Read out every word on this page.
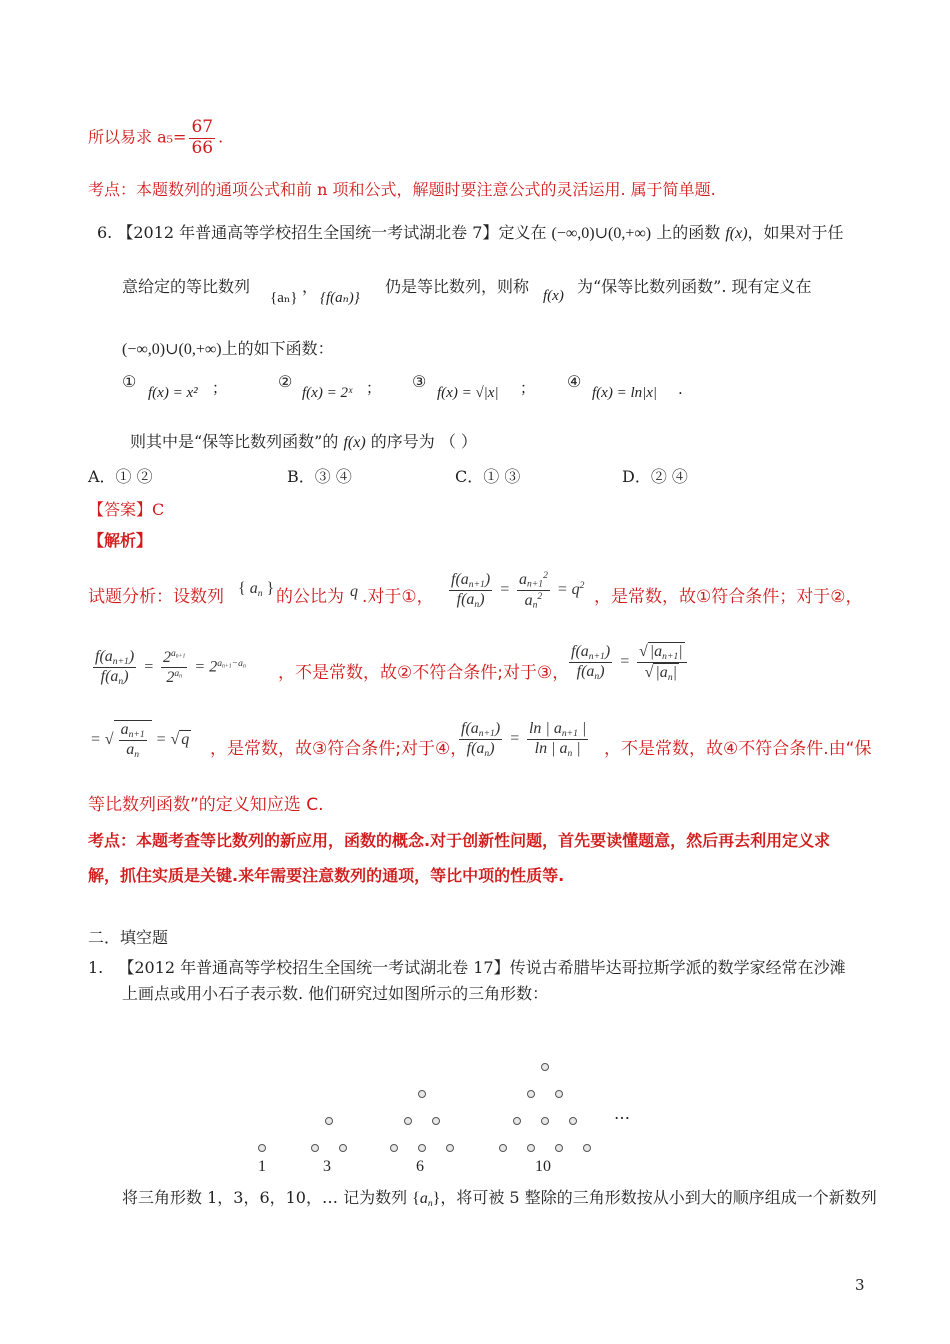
所以易求 $a_5= \frac{67}{66}$ .
考点：本题数列的通项公式和前 n 项和公式，解题时要注意公式的灵活运用. 属于简单题.
6. 【2012 年普通高等学校招生全国统一考试湖北卷 7】定义在 (−∞,0)∪(0,+∞) 上的函数 f(x)，如果对于任
意给定的等比数列
{aₙ}
，
{f(aₙ)}
仍是等比数列，则称 f(x) 为“保等比数列函数”. 现有定义在
(−∞,0)∪(0,+∞)上的如下函数：
①
f(x) = x² ；	②
f(x) = 2ˣ ； ③
f(x) = √|x| ； ④
f(x) = ln|x| .
则其中是“保等比数列函数”的 f(x) 的序号为 （ ）
A．① ②	B．③ ④	C．① ③	D．② ④
【答案】C
【解析】
试题分析：设数列 { $a_n$ } 的公比为 q .对于①， $\frac{f(a_{n+1})}{f(a_n)} = \frac{a_{n+1}^2}{a_n^2} = q^2$
，是常数，故①符合条件；对于②，
$\frac{f(a_{n+1})}{f(a_n)} = \frac{2^{a_{n+1}}}{2^{a_n}} = 2^{a_{n+1}-a_n}$ ，不是常数，故②不符合条件;对于③， $\frac{f(a_{n+1})}{f(a_n)} = \frac{√ |a_{n+1}|}{√ |a_n|}$
= √ $\frac{a_{n+1}}{a_n}$ = √ q ，是常数，故③符合条件;对于④，
$\frac{f(a_{n+1})}{f(a_n)} = \frac{\ln | a_{n+1} |}{\ln | a_n |}$ ，不是常数，故④不符合条件.由“保
等比数列函数”的定义知应选 C.
考点：本题考查等比数列的新应用，函数的概念.对于创新性问题，首先要读懂题意，然后再去利用定义求
解，抓住实质是关键.来年需要注意数列的通项，等比中项的性质等.
二．填空题
1. 【2012 年普通高等学校招生全国统一考试湖北卷 17】传说古希腊毕达哥拉斯学派的数学家经常在沙滩
上画点或用小石子表示数. 他们研究过如图所示的三角形数：
…
1	3	6	10
将三角形数 1，3，6，10，… 记为数列 $\{a_n\}$，将可被 5 整除的三角形数按从小到大的顺序组成一个新数列
3
